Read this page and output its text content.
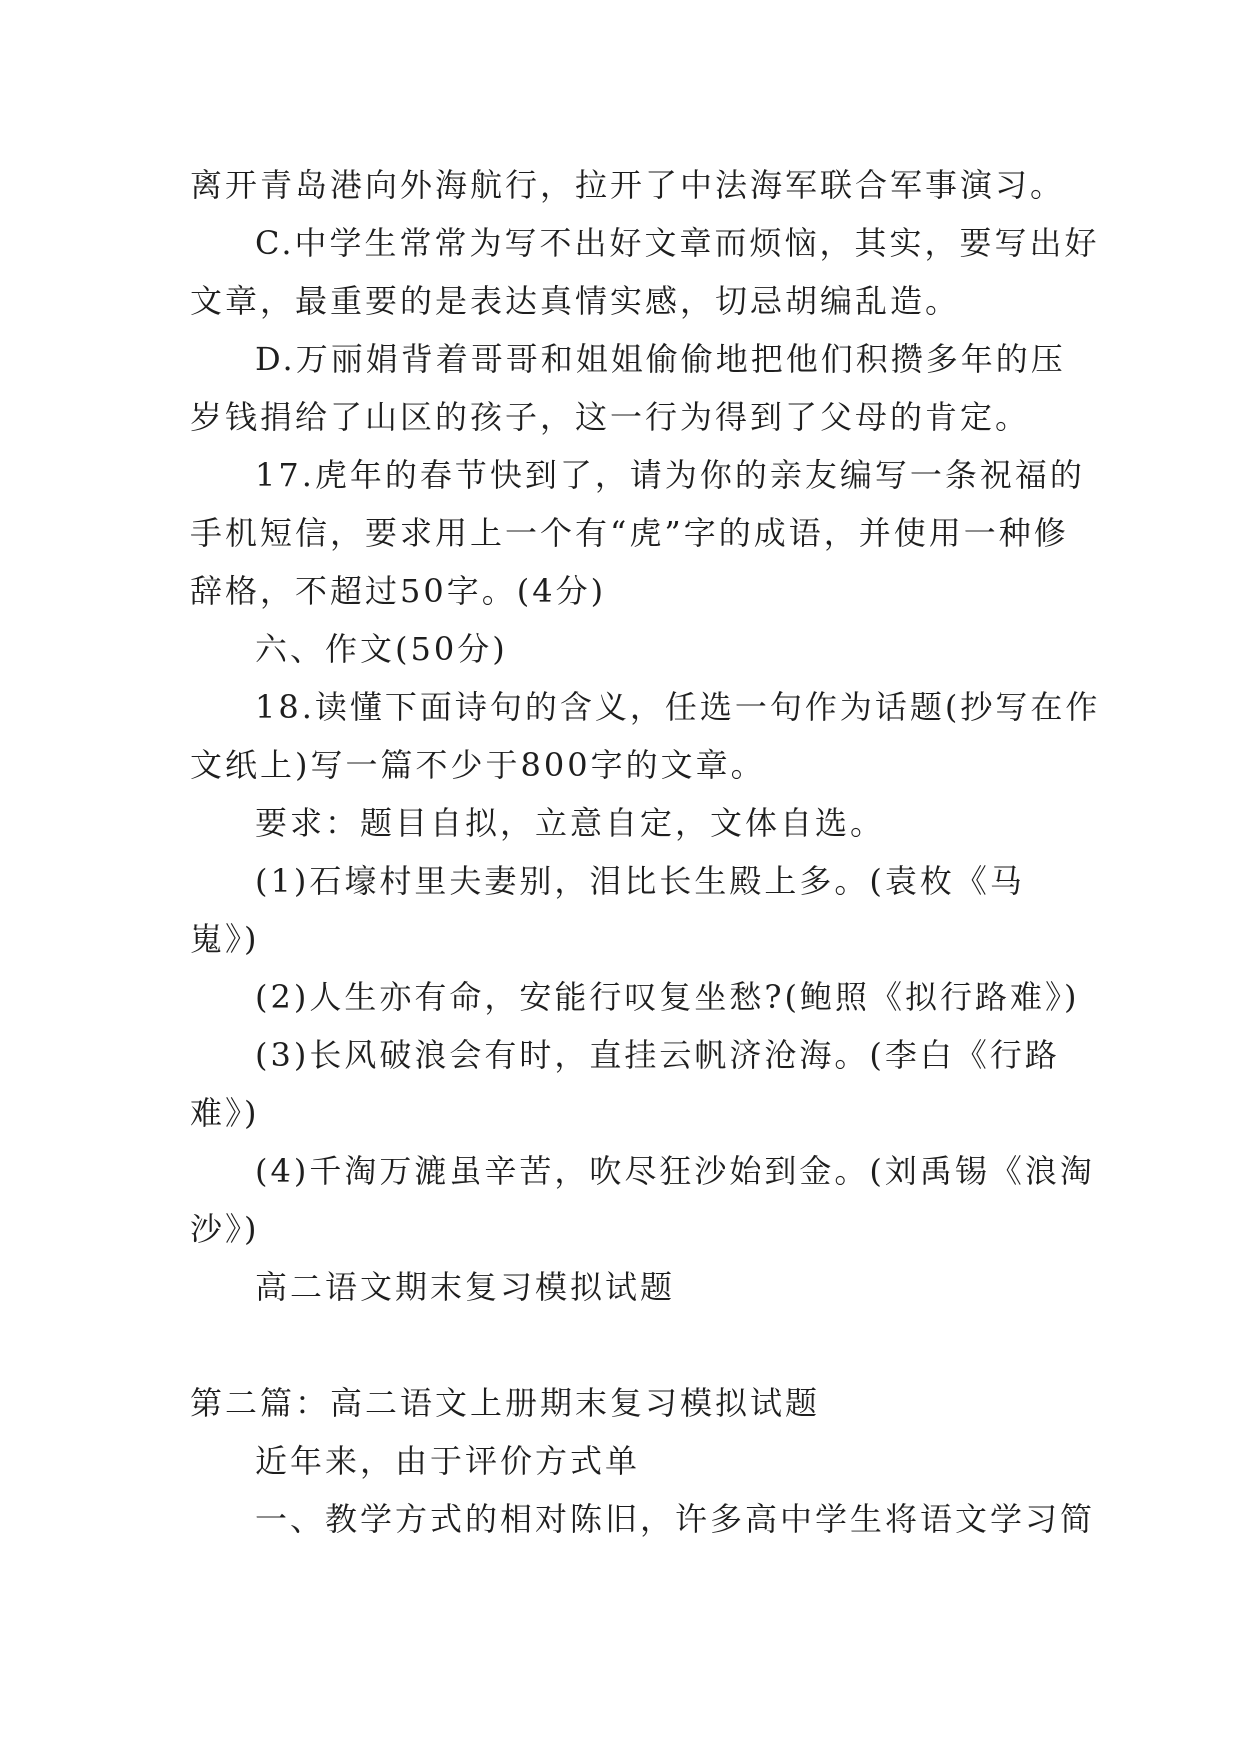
离开青岛港向外海航行，拉开了中法海军联合军事演习。
C.中学生常常为写不出好文章而烦恼，其实，要写出好
文章，最重要的是表达真情实感，切忌胡编乱造。
D.万丽娟背着哥哥和姐姐偷偷地把他们积攒多年的压
岁钱捐给了山区的孩子，这一行为得到了父母的肯定。
17.虎年的春节快到了，请为你的亲友编写一条祝福的
手机短信，要求用上一个有“虎”字的成语，并使用一种修
辞格，不超过50字。(4分)
六、作文(50分)
18.读懂下面诗句的含义，任选一句作为话题(抄写在作
文纸上)写一篇不少于800字的文章。
要求：题目自拟，立意自定，文体自选。
(1)石壕村里夫妻别，泪比长生殿上多。(袁枚《马
嵬》)
(2)人生亦有命，安能行叹复坐愁?(鲍照《拟行路难》)
(3)长风破浪会有时，直挂云帆济沧海。(李白《行路
难》)
(4)千淘万漉虽辛苦，吹尽狂沙始到金。(刘禹锡《浪淘
沙》)
高二语文期末复习模拟试题
第二篇：高二语文上册期末复习模拟试题
近年来，由于评价方式单
一、教学方式的相对陈旧，许多高中学生将语文学习简
